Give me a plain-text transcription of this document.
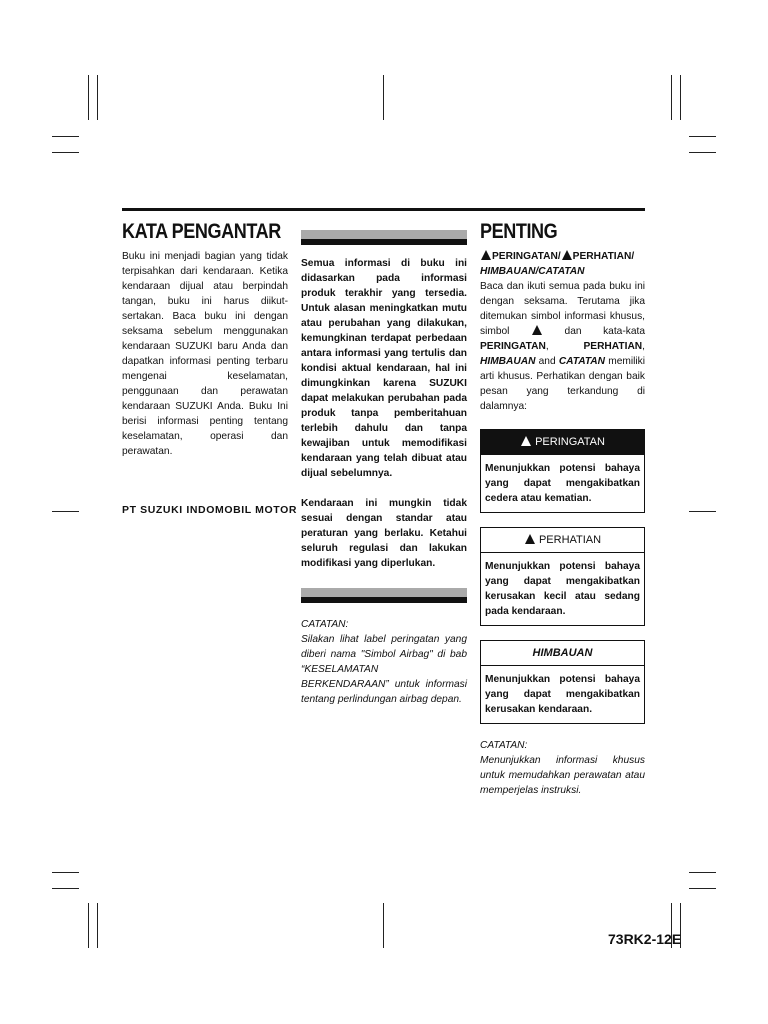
KATA PENGANTAR

Buku ini menjadi bagian yang tidak terpisahkan dari kendaraan. Ketika kendaraan dijual atau berpindah tangan, buku ini harus diikut-sertakan. Baca buku ini dengan seksama sebelum menggunakan kendaraan SUZUKI baru Anda dan dapatkan informasi penting terbaru mengenai keselamatan, penggunaan dan perawatan kendaraan SUZUKI Anda. Buku Ini berisi informasi penting tentang keselamatan, operasi dan perawatan.

PT SUZUKI INDOMOBIL MOTOR

Semua informasi di buku ini didasarkan pada informasi produk terakhir yang tersedia. Untuk alasan meningkatkan mutu atau perubahan yang dilakukan, kemungkinan terdapat perbedaan antara informasi yang tertulis dan kondisi aktual kendaraan, hal ini dimungkinkan karena SUZUKI dapat melakukan perubahan pada produk tanpa pemberitahuan terlebih dahulu dan tanpa kewajiban untuk memodifikasi kendaraan yang telah dibuat atau dijual sebelumnya.

Kendaraan ini mungkin tidak sesuai dengan standar atau peraturan yang berlaku. Ketahui seluruh regulasi dan lakukan modifikasi yang diperlukan.

CATATAN:

Silakan lihat label peringatan yang diberi nama "Simbol Airbag" di bab “KESELAMATAN BERKENDARAAN” untuk informasi tentang perlindungan airbag depan.

PENTING

PERINGATAN/ PERHATIAN/ HIMBAUAN/CATATAN

Baca dan ikuti semua pada buku ini dengan seksama. Terutama jika ditemukan simbol informasi khusus, simbol	dan kata-kata PERINGATAN, PERHATIAN, HIMBAUAN and CATATAN memiliki arti khusus. Perhatikan dengan baik pesan yang terkandung di dalamnya:

PERINGATAN
Menunjukkan potensi bahaya yang dapat mengakibatkan cedera atau kematian.
PERHATIAN
Menunjukkan potensi bahaya yang dapat mengakibatkan kerusakan kecil atau sedang pada kendaraan.
HIMBAUAN
Menunjukkan potensi bahaya yang dapat mengakibatkan kerusakan kendaraan.

CATATAN:

Menunjukkan informasi khusus untuk memudahkan perawatan atau memperjelas instruksi.

73RK2-12E
